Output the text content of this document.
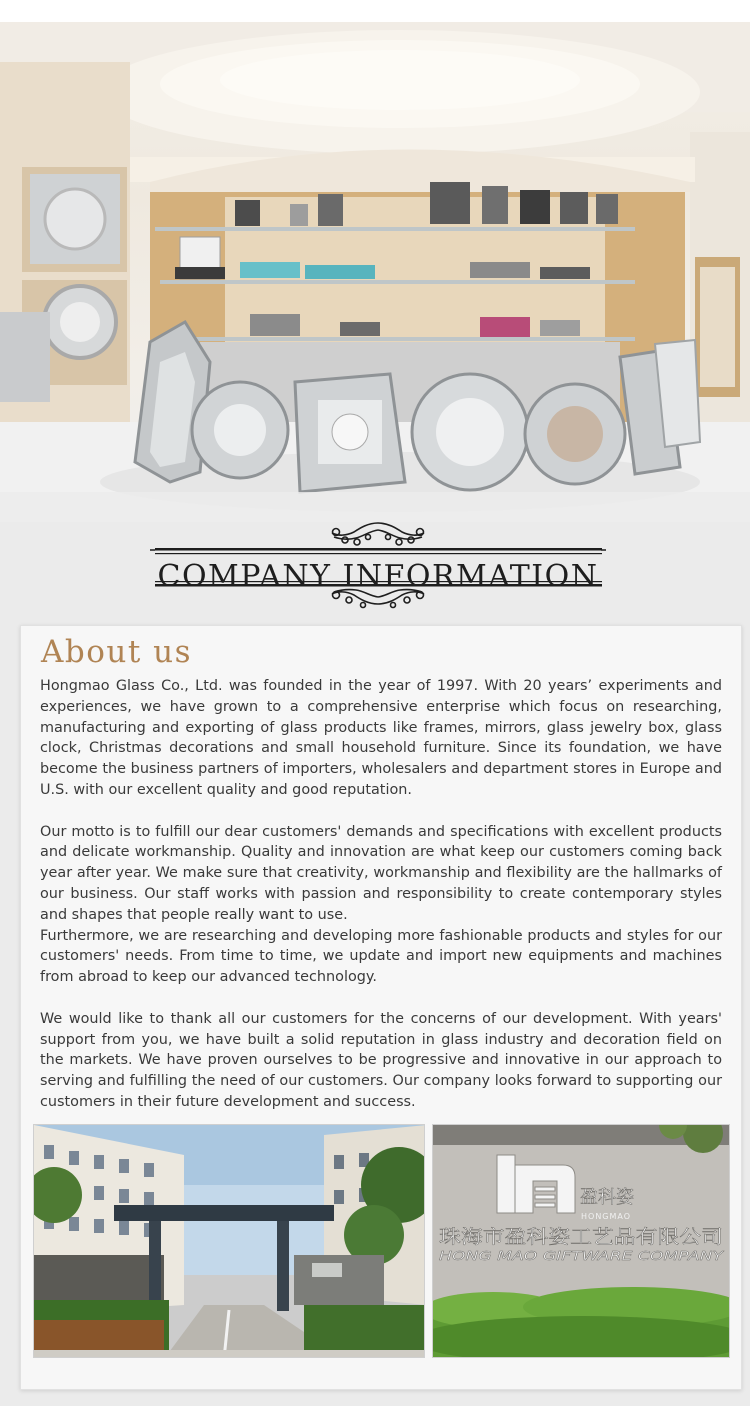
COMPANY INFORMATION
About us

Hongmao Glass Co., Ltd. was founded in the year of 1997. With 20 years’ experiments and experiences, we have grown to a comprehensive enterprise which focus on researching, manufacturing and exporting of glass products like frames, mirrors, glass jewelry box, glass clock, Christmas decorations and small household furniture. Since its foundation, we have become the business partners of importers, wholesalers and department stores in Europe and U.S. with our excellent quality and good reputation.

Our motto is to fulfill our dear customers' demands and specifications with excellent products and delicate workmanship. Quality and innovation are what keep our customers coming back year after year. We make sure that creativity, workmanship and flexibility are the hallmarks of our business. Our staff works with passion and responsibility to create contemporary styles and shapes that people really want to use.

Furthermore, we are researching and developing more fashionable products and styles for our customers' needs. From time to time, we update and import new equipments and machines from abroad to keep our advanced technology.

We would like to thank all our customers for the concerns of our development. With years' support from you, we have built a solid reputation in glass industry and decoration field on the markets. We have proven ourselves to be progressive and innovative in our approach to serving and fulfilling the need of our customers. Our company looks forward to supporting our customers in their future development and success.

盈科姿
HONGMAO
珠海市盈科姿工艺品有限公司
HONG MAO GIFTWARE COMPANY
